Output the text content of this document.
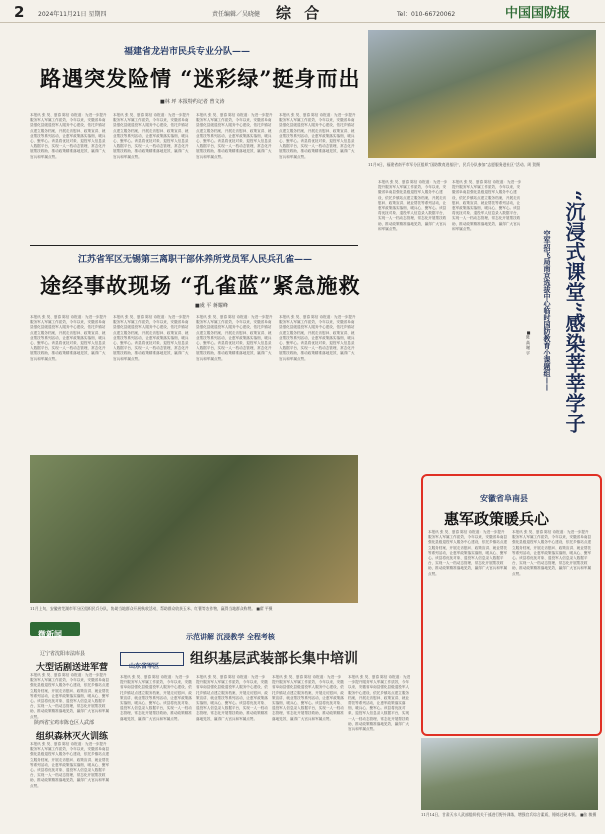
2 2024年11月21日 星期四	责任编辑／吴晓健 综 合	Tel：010-66720062	中国国防报
福建省龙岩市民兵专业分队——
路遇突发险情 “迷彩绿”挺身而出
■林 坪 本报特约记者 曾文涛
本报讯 张 昊、夏春 陈信 诗报道：为进一步提升服务军人军属工作质效，今年以来，安徽省阜南县强化县级退役军人服务中心建设，依托乡镇站点建立服务档案，开展走访慰问、政策宣讲、就业帮扶等系列活动，让惠军政策落实落细，暖兵心、聚军心。该县将优抚对象、退役军人信息录入数据平台，实现一人一档动态管理，常态化开展帮扶救助，推动政策精准落地见效，赢得广大官兵和军属点赞。
本报讯 张 昊、夏春 陈信 诗报道：为进一步提升服务军人军属工作质效，今年以来，安徽省阜南县强化县级退役军人服务中心建设，依托乡镇站点建立服务档案，开展走访慰问、政策宣讲、就业帮扶等系列活动，让惠军政策落实落细，暖兵心、聚军心。该县将优抚对象、退役军人信息录入数据平台，实现一人一档动态管理，常态化开展帮扶救助，推动政策精准落地见效，赢得广大官兵和军属点赞。
本报讯 张 昊、夏春 陈信 诗报道：为进一步提升服务军人军属工作质效，今年以来，安徽省阜南县强化县级退役军人服务中心建设，依托乡镇站点建立服务档案，开展走访慰问、政策宣讲、就业帮扶等系列活动，让惠军政策落实落细，暖兵心、聚军心。该县将优抚对象、退役军人信息录入数据平台，实现一人一档动态管理，常态化开展帮扶救助，推动政策精准落地见效，赢得广大官兵和军属点赞。
本报讯 张 昊、夏春 陈信 诗报道：为进一步提升服务军人军属工作质效，今年以来，安徽省阜南县强化县级退役军人服务中心建设，依托乡镇站点建立服务档案，开展走访慰问、政策宣讲、就业帮扶等系列活动，让惠军政策落实落细，暖兵心、聚军心。该县将优抚对象、退役军人信息录入数据平台，实现一人一档动态管理，常态化开展帮扶救助，推动政策精准落地见效，赢得广大官兵和军属点赞。
11月9日，福建省南平市军分区组织“国防教育进基层”，民兵分队参加“志愿服务进社区”活动。周 贺摄
江苏省军区无锡第三离职干部休养所党员军人民兵孔雀——
途经事故现场 “孔雀蓝”紧急施救
■虞 平 蒋耀峰
本报讯 张 昊、夏春 陈信 诗报道：为进一步提升服务军人军属工作质效，今年以来，安徽省阜南县强化县级退役军人服务中心建设，依托乡镇站点建立服务档案，开展走访慰问、政策宣讲、就业帮扶等系列活动，让惠军政策落实落细，暖兵心、聚军心。该县将优抚对象、退役军人信息录入数据平台，实现一人一档动态管理，常态化开展帮扶救助，推动政策精准落地见效，赢得广大官兵和军属点赞。
本报讯 张 昊、夏春 陈信 诗报道：为进一步提升服务军人军属工作质效，今年以来，安徽省阜南县强化县级退役军人服务中心建设，依托乡镇站点建立服务档案，开展走访慰问、政策宣讲、就业帮扶等系列活动，让惠军政策落实落细，暖兵心、聚军心。该县将优抚对象、退役军人信息录入数据平台，实现一人一档动态管理，常态化开展帮扶救助，推动政策精准落地见效，赢得广大官兵和军属点赞。
本报讯 张 昊、夏春 陈信 诗报道：为进一步提升服务军人军属工作质效，今年以来，安徽省阜南县强化县级退役军人服务中心建设，依托乡镇站点建立服务档案，开展走访慰问、政策宣讲、就业帮扶等系列活动，让惠军政策落实落细，暖兵心、聚军心。该县将优抚对象、退役军人信息录入数据平台，实现一人一档动态管理，常态化开展帮扶救助，推动政策精准落地见效，赢得广大官兵和军属点赞。
本报讯 张 昊、夏春 陈信 诗报道：为进一步提升服务军人军属工作质效，今年以来，安徽省阜南县强化县级退役军人服务中心建设，依托乡镇站点建立服务档案，开展走访慰问、政策宣讲、就业帮扶等系列活动，让惠军政策落实落细，暖兵心、聚军心。该县将优抚对象、退役军人信息录入数据平台，实现一人一档动态管理，常态化开展帮扶救助，推动政策精准落地见效，赢得广大官兵和军属点赞。	“沉浸式课堂”感染莘莘学子
空军招飞局南京选拔中心临时国防教育小课题组——
■陈 高 谢 宇
本报讯 张 昊、夏春 陈信 诗报道：为进一步提升服务军人军属工作质效，今年以来，安徽省阜南县强化县级退役军人服务中心建设，依托乡镇站点建立服务档案，开展走访慰问、政策宣讲、就业帮扶等系列活动，让惠军政策落实落细，暖兵心、聚军心。该县将优抚对象、退役军人信息录入数据平台，实现一人一档动态管理，常态化开展帮扶救助，推动政策精准落地见效，赢得广大官兵和军属点赞。
本报讯 张 昊、夏春 陈信 诗报道：为进一步提升服务军人军属工作质效，今年以来，安徽省阜南县强化县级退役军人服务中心建设，依托乡镇站点建立服务档案，开展走访慰问、政策宣讲、就业帮扶等系列活动，让惠军政策落实落细，暖兵心、聚军心。该县将优抚对象、退役军人信息录入数据平台，实现一人一档动态管理，常态化开展帮扶救助，推动政策精准落地见效，赢得广大官兵和军属点赞。
11月上旬，安徽省芜湖市军分区组织民兵分队，协助当地群众开展秋收活动，帮助群众收获玉米、红薯等农作物，赢得当地群众称赞。 ■翟 平摄
安徽省阜南县
惠军政策暖兵心
本报讯 张 昊、夏春 陈信 诗报道：为进一步提升服务军人军属工作质效，今年以来，安徽省阜南县强化县级退役军人服务中心建设，依托乡镇站点建立服务档案，开展走访慰问、政策宣讲、就业帮扶等系列活动，让惠军政策落实落细，暖兵心、聚军心。该县将优抚对象、退役军人信息录入数据平台，实现一人一档动态管理，常态化开展帮扶救助，推动政策精准落地见效，赢得广大官兵和军属点赞。
本报讯 张 昊、夏春 陈信 诗报道：为进一步提升服务军人军属工作质效，今年以来，安徽省阜南县强化县级退役军人服务中心建设，依托乡镇站点建立服务档案，开展走访慰问、政策宣讲、就业帮扶等系列活动，让惠军政策落实落细，暖兵心、聚军心。该县将优抚对象、退役军人信息录入数据平台，实现一人一档动态管理，常态化开展帮扶救助，推动政策精准落地见效，赢得广大官兵和军属点赞。
微新闻
辽宁省沈阳市法库县
大型话剧送进军营
本报讯 张 昊、夏春 陈信 诗报道：为进一步提升服务军人军属工作质效，今年以来，安徽省阜南县强化县级退役军人服务中心建设，依托乡镇站点建立服务档案，开展走访慰问、政策宣讲、就业帮扶等系列活动，让惠军政策落实落细，暖兵心、聚军心。该县将优抚对象、退役军人信息录入数据平台，实现一人一档动态管理，常态化开展帮扶救助，推动政策精准落地见效，赢得广大官兵和军属点赞。
陕西省宝鸡市陈仓区人武部
组织森林灭火训练
本报讯 张 昊、夏春 陈信 诗报道：为进一步提升服务军人军属工作质效，今年以来，安徽省阜南县强化县级退役军人服务中心建设，依托乡镇站点建立服务档案，开展走访慰问、政策宣讲、就业帮扶等系列活动，让惠军政策落实落细，暖兵心、聚军心。该县将优抚对象、退役军人信息录入数据平台，实现一人一档动态管理，常态化开展帮扶救助，推动政策精准落地见效，赢得广大官兵和军属点赞。
示范讲解 沉浸教学 全程考核
山东省军区	组织基层武装部长集中培训
本报讯 张 昊、夏春 陈信 诗报道：为进一步提升服务军人军属工作质效，今年以来，安徽省阜南县强化县级退役军人服务中心建设，依托乡镇站点建立服务档案，开展走访慰问、政策宣讲、就业帮扶等系列活动，让惠军政策落实落细，暖兵心、聚军心。该县将优抚对象、退役军人信息录入数据平台，实现一人一档动态管理，常态化开展帮扶救助，推动政策精准落地见效，赢得广大官兵和军属点赞。
本报讯 张 昊、夏春 陈信 诗报道：为进一步提升服务军人军属工作质效，今年以来，安徽省阜南县强化县级退役军人服务中心建设，依托乡镇站点建立服务档案，开展走访慰问、政策宣讲、就业帮扶等系列活动，让惠军政策落实落细，暖兵心、聚军心。该县将优抚对象、退役军人信息录入数据平台，实现一人一档动态管理，常态化开展帮扶救助，推动政策精准落地见效，赢得广大官兵和军属点赞。
本报讯 张 昊、夏春 陈信 诗报道：为进一步提升服务军人军属工作质效，今年以来，安徽省阜南县强化县级退役军人服务中心建设，依托乡镇站点建立服务档案，开展走访慰问、政策宣讲、就业帮扶等系列活动，让惠军政策落实落细，暖兵心、聚军心。该县将优抚对象、退役军人信息录入数据平台，实现一人一档动态管理，常态化开展帮扶救助，推动政策精准落地见效，赢得广大官兵和军属点赞。
本报讯 张 昊、夏春 陈信 诗报道：为进一步提升服务军人军属工作质效，今年以来，安徽省阜南县强化县级退役军人服务中心建设，依托乡镇站点建立服务档案，开展走访慰问、政策宣讲、就业帮扶等系列活动，让惠军政策落实落细，暖兵心、聚军心。该县将优抚对象、退役军人信息录入数据平台，实现一人一档动态管理，常态化开展帮扶救助，推动政策精准落地见效，赢得广大官兵和军属点赞。
11月14日，甘肃天水人武部组织机关干部进行野外训练，增强官兵综合素质，锤炼过硬本领。 ■张 敏摄
